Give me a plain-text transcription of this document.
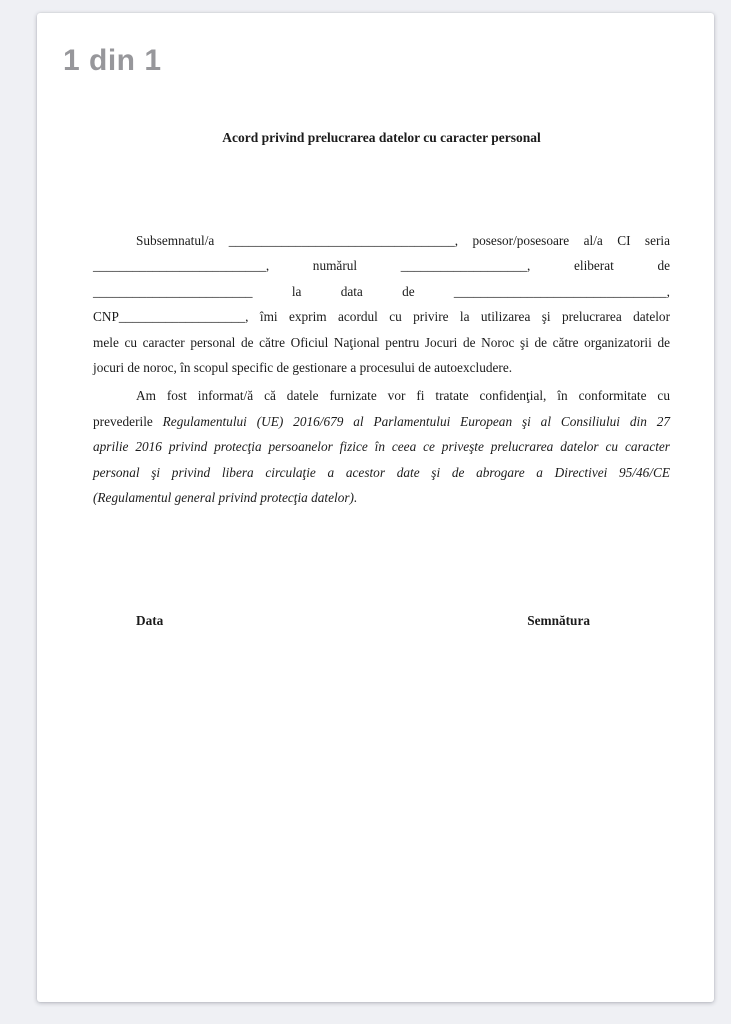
1 din 1
Acord privind prelucrarea datelor cu caracter personal
Subsemnatul/a __________________________________, posesor/posesoare al/a CI seria
__________________________, numărul ___________________, eliberat de
________________________ la data de ________________________________,
CNP___________________, îmi exprim acordul cu privire la utilizarea şi prelucrarea datelor
mele cu caracter personal de către Oficiul Naţional pentru Jocuri de Noroc şi de către organizatorii de
jocuri de noroc, în scopul specific de gestionare a procesului de autoexcludere.
Am fost informat/ă că datele furnizate vor fi tratate confidenţial, în conformitate cu
prevederile Regulamentului (UE) 2016/679 al Parlamentului European şi al Consiliului din 27
aprilie 2016 privind protecţia persoanelor fizice în ceea ce priveşte prelucrarea datelor cu caracter
personal şi privind libera circulaţie a acestor date şi de abrogare a Directivei 95/46/CE
(Regulamentul general privind protecţia datelor).
Data	Semnătura
